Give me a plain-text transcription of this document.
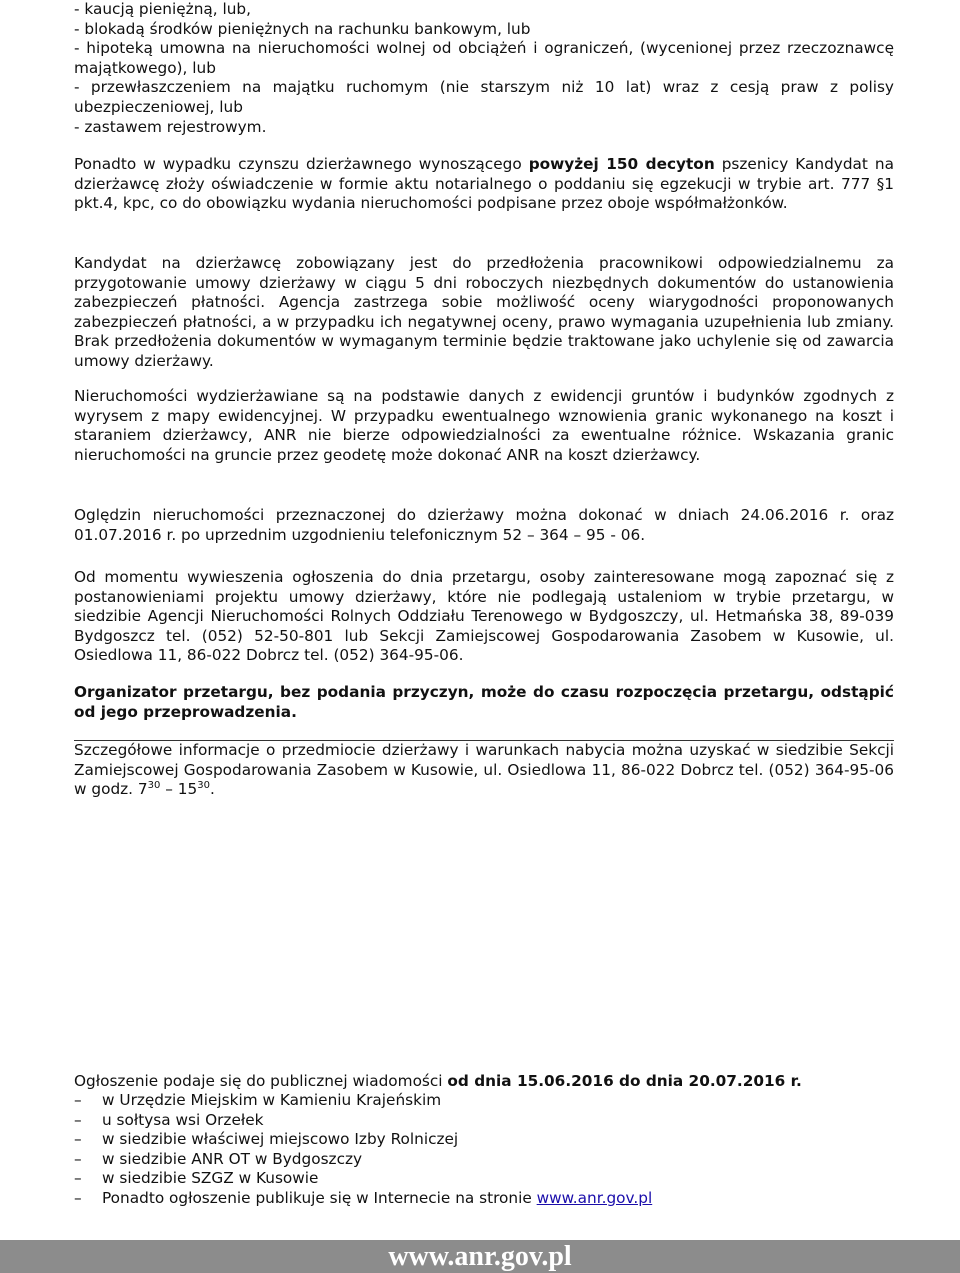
- kaucją pieniężną, lub,
- blokadą środków pieniężnych na rachunku bankowym, lub
- hipoteką umowna na nieruchomości wolnej od obciążeń i ograniczeń, (wycenionej przez rzeczoznawcę majątkowego), lub
- przewłaszczeniem na majątku ruchomym (nie starszym niż 10 lat) wraz z cesją praw z polisy ubezpieczeniowej, lub
- zastawem rejestrowym.

Ponadto w wypadku czynszu dzierżawnego wynoszącego powyżej 150 decyton pszenicy Kandydat na dzierżawcę złoży oświadczenie w formie aktu notarialnego o poddaniu się egzekucji w trybie art. 777 §1 pkt.4, kpc, co do obowiązku wydania nieruchomości podpisane przez oboje współmałżonków.

Kandydat na dzierżawcę zobowiązany jest do przedłożenia pracownikowi odpowiedzialnemu za przygotowanie umowy dzierżawy w ciągu 5 dni roboczych niezbędnych dokumentów do ustanowienia zabezpieczeń płatności. Agencja zastrzega sobie możliwość oceny wiarygodności proponowanych zabezpieczeń płatności, a w przypadku ich negatywnej oceny, prawo wymagania uzupełnienia lub zmiany. Brak przedłożenia dokumentów w wymaganym terminie będzie traktowane jako uchylenie się od zawarcia umowy dzierżawy.

Nieruchomości wydzierżawiane są na podstawie danych z ewidencji gruntów i budynków zgodnych z wyrysem z mapy ewidencyjnej. W przypadku ewentualnego wznowienia granic wykonanego na koszt i staraniem dzierżawcy, ANR nie bierze odpowiedzialności za ewentualne różnice. Wskazania granic nieruchomości na gruncie przez geodetę może dokonać ANR na koszt dzierżawcy.

Oględzin nieruchomości przeznaczonej do dzierżawy można dokonać w dniach 24.06.2016 r. oraz 01.07.2016 r. po uprzednim uzgodnieniu telefonicznym 52 – 364 – 95 - 06.

Od momentu wywieszenia ogłoszenia do dnia przetargu, osoby zainteresowane mogą zapoznać się z postanowieniami projektu umowy dzierżawy, które nie podlegają ustaleniom w trybie przetargu, w siedzibie Agencji Nieruchomości Rolnych Oddziału Terenowego w Bydgoszczy, ul. Hetmańska 38, 89-039 Bydgoszcz tel. (052) 52-50-801 lub Sekcji Zamiejscowej Gospodarowania Zasobem w Kusowie, ul. Osiedlowa 11, 86-022 Dobrcz tel. (052) 364-95-06.

Organizator przetargu, bez podania przyczyn, może do czasu rozpoczęcia przetargu, odstąpić od jego przeprowadzenia.

Szczegółowe informacje o przedmiocie dzierżawy i warunkach nabycia można uzyskać w siedzibie Sekcji Zamiejscowej Gospodarowania Zasobem w Kusowie, ul. Osiedlowa 11, 86-022 Dobrcz tel. (052) 364-95-06 w godz. $7^{30} - 15^{30}$.

Ogłoszenie podaje się do publicznej wiadomości od dnia 15.06.2016 do dnia 20.07.2016 r.

– w Urzędzie Miejskim w Kamieniu Krajeńskim
– u sołtysa wsi Orzełek
– w siedzibie właściwej miejscowo Izby Rolniczej
– w siedzibie ANR OT w Bydgoszczy
– w siedzibie SZGZ w Kusowie
– Ponadto ogłoszenie publikuje się w Internecie na stronie www.anr.gov.pl
www.anr.gov.pl
